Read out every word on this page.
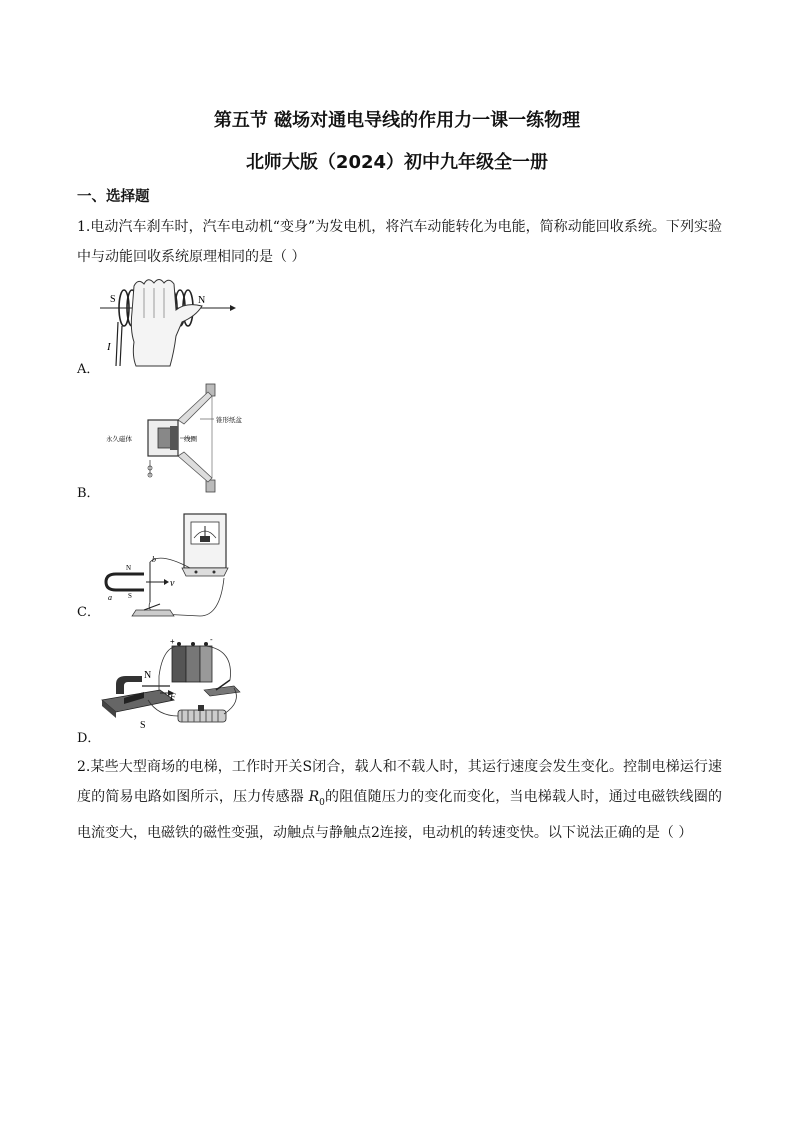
第五节 磁场对通电导线的作用力一课一练物理
北师大版（2024）初中九年级全一册
一、选择题
1.电动汽车刹车时，汽车电动机“变身”为发电机，将汽车动能转化为电能，简称动能回收系统。下列实验中与动能回收系统原理相同的是（ ）
S	N
I
A．
锥形纸盆
永久磁体	线圈
B．
b
a
N
S
v
C．
+	-
N
S
F
D．
2.某些大型商场的电梯，工作时开关S闭合，载人和不载人时，其运行速度会发生变化。控制电梯运行速度的简易电路如图所示，压力传感器 $R_0$的阻值随压力的变化而变化，当电梯载人时，通过电磁铁线圈的电流变大，电磁铁的磁性变强，动触点与静触点2连接，电动机的转速变快。以下说法正确的是（ ）
